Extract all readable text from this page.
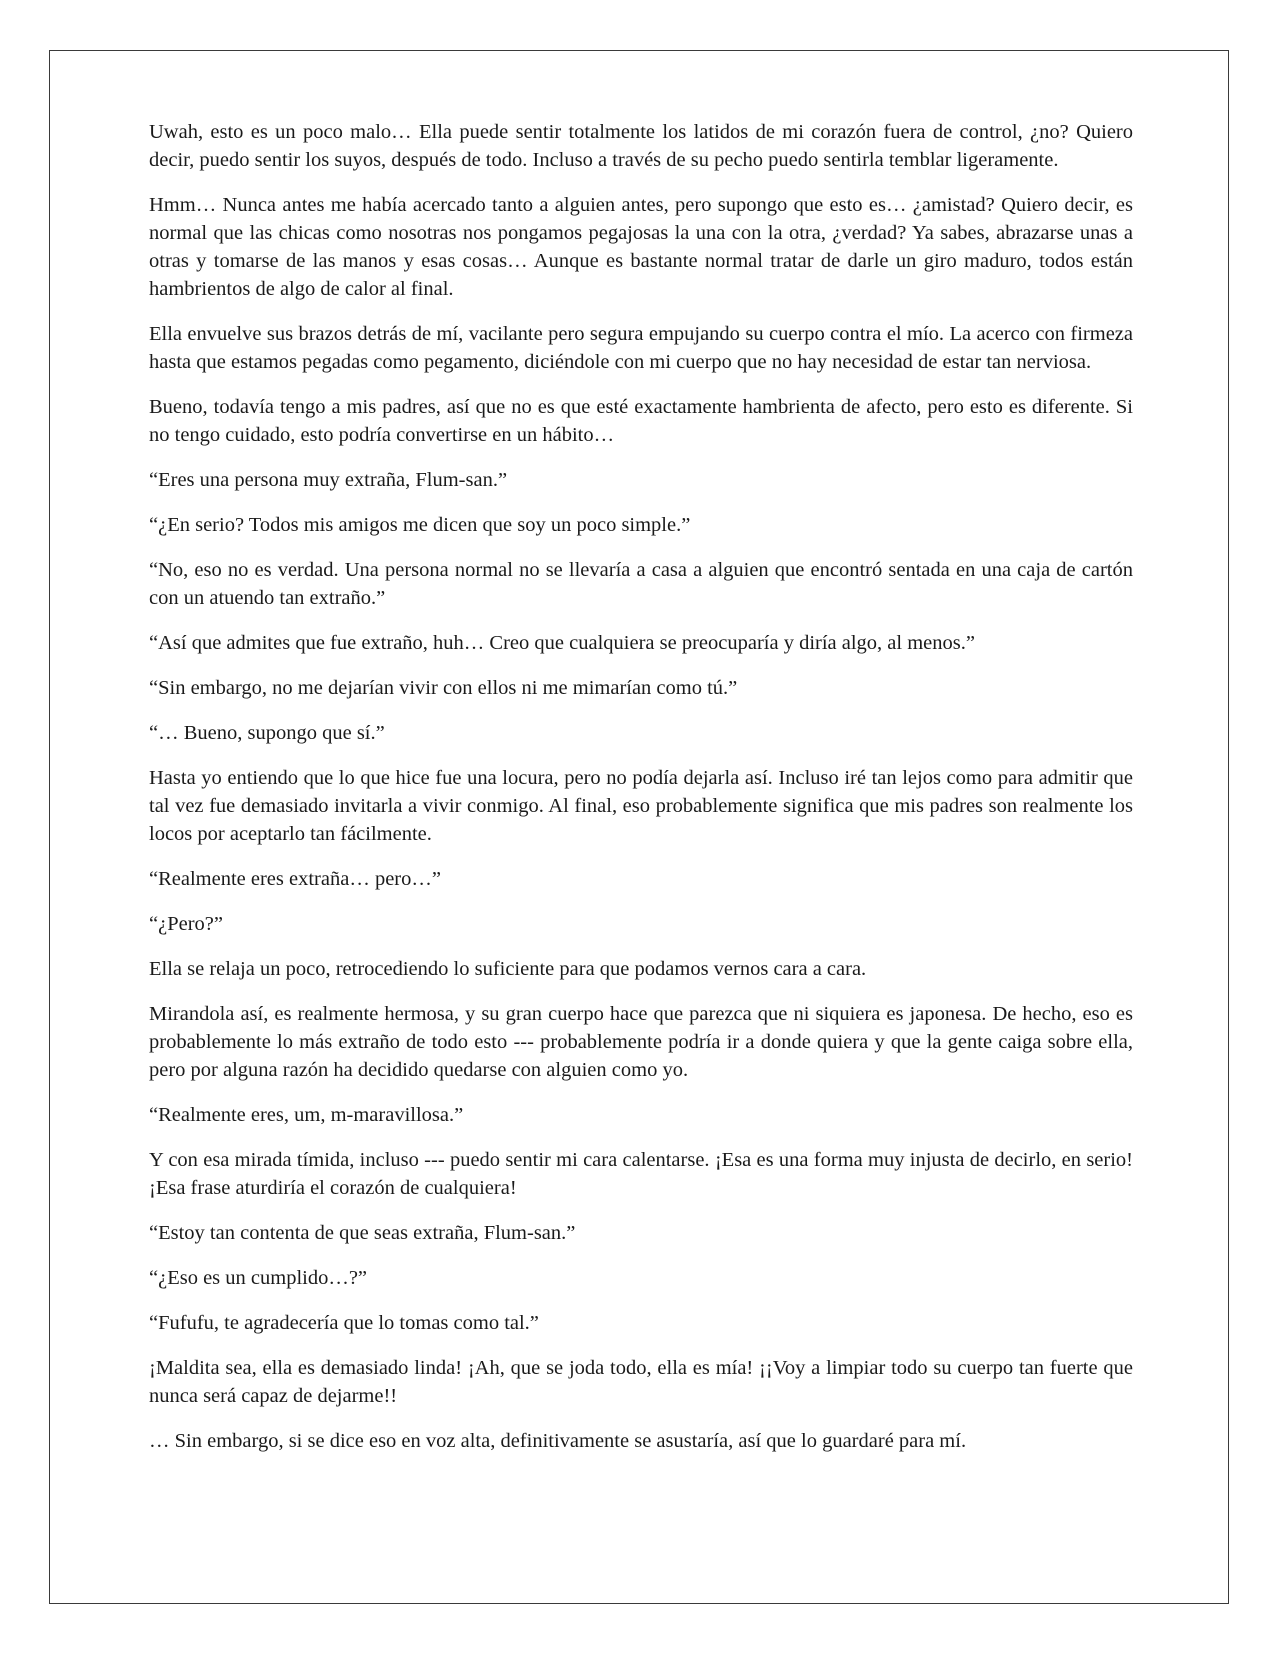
Uwah, esto es un poco malo… Ella puede sentir totalmente los latidos de mi corazón fuera de control, ¿no? Quiero decir, puedo sentir los suyos, después de todo. Incluso a través de su pecho puedo sentirla temblar ligeramente.

Hmm… Nunca antes me había acercado tanto a alguien antes, pero supongo que esto es… ¿amistad? Quiero decir, es normal que las chicas como nosotras nos pongamos pegajosas la una con la otra, ¿verdad? Ya sabes, abrazarse unas a otras y tomarse de las manos y esas cosas… Aunque es bastante normal tratar de darle un giro maduro, todos están hambrientos de algo de calor al final.

Ella envuelve sus brazos detrás de mí, vacilante pero segura empujando su cuerpo contra el mío. La acerco con firmeza hasta que estamos pegadas como pegamento, diciéndole con mi cuerpo que no hay necesidad de estar tan nerviosa.

Bueno, todavía tengo a mis padres, así que no es que esté exactamente hambrienta de afecto, pero esto es diferente. Si no tengo cuidado, esto podría convertirse en un hábito…

“Eres una persona muy extraña, Flum-san.”

“¿En serio? Todos mis amigos me dicen que soy un poco simple.”

“No, eso no es verdad. Una persona normal no se llevaría a casa a alguien que encontró sentada en una caja de cartón con un atuendo tan extraño.”

“Así que admites que fue extraño, huh… Creo que cualquiera se preocuparía y diría algo, al menos.”

“Sin embargo, no me dejarían vivir con ellos ni me mimarían como tú.”

“… Bueno, supongo que sí.”

Hasta yo entiendo que lo que hice fue una locura, pero no podía dejarla así. Incluso iré tan lejos como para admitir que tal vez fue demasiado invitarla a vivir conmigo. Al final, eso probablemente significa que mis padres son realmente los locos por aceptarlo tan fácilmente.

“Realmente eres extraña… pero…”

“¿Pero?”

Ella se relaja un poco, retrocediendo lo suficiente para que podamos vernos cara a cara.

Mirandola así, es realmente hermosa, y su gran cuerpo hace que parezca que ni siquiera es japonesa. De hecho, eso es probablemente lo más extraño de todo esto --- probablemente podría ir a donde quiera y que la gente caiga sobre ella, pero por alguna razón ha decidido quedarse con alguien como yo.

“Realmente eres, um, m-maravillosa.”

Y con esa mirada tímida, incluso --- puedo sentir mi cara calentarse. ¡Esa es una forma muy injusta de decirlo, en serio! ¡Esa frase aturdiría el corazón de cualquiera!

“Estoy tan contenta de que seas extraña, Flum-san.”

“¿Eso es un cumplido…?”

“Fufufu, te agradecería que lo tomas como tal.”

¡Maldita sea, ella es demasiado linda! ¡Ah, que se joda todo, ella es mía! ¡¡Voy a limpiar todo su cuerpo tan fuerte que nunca será capaz de dejarme!!

… Sin embargo, si se dice eso en voz alta, definitivamente se asustaría, así que lo guardaré para mí.
